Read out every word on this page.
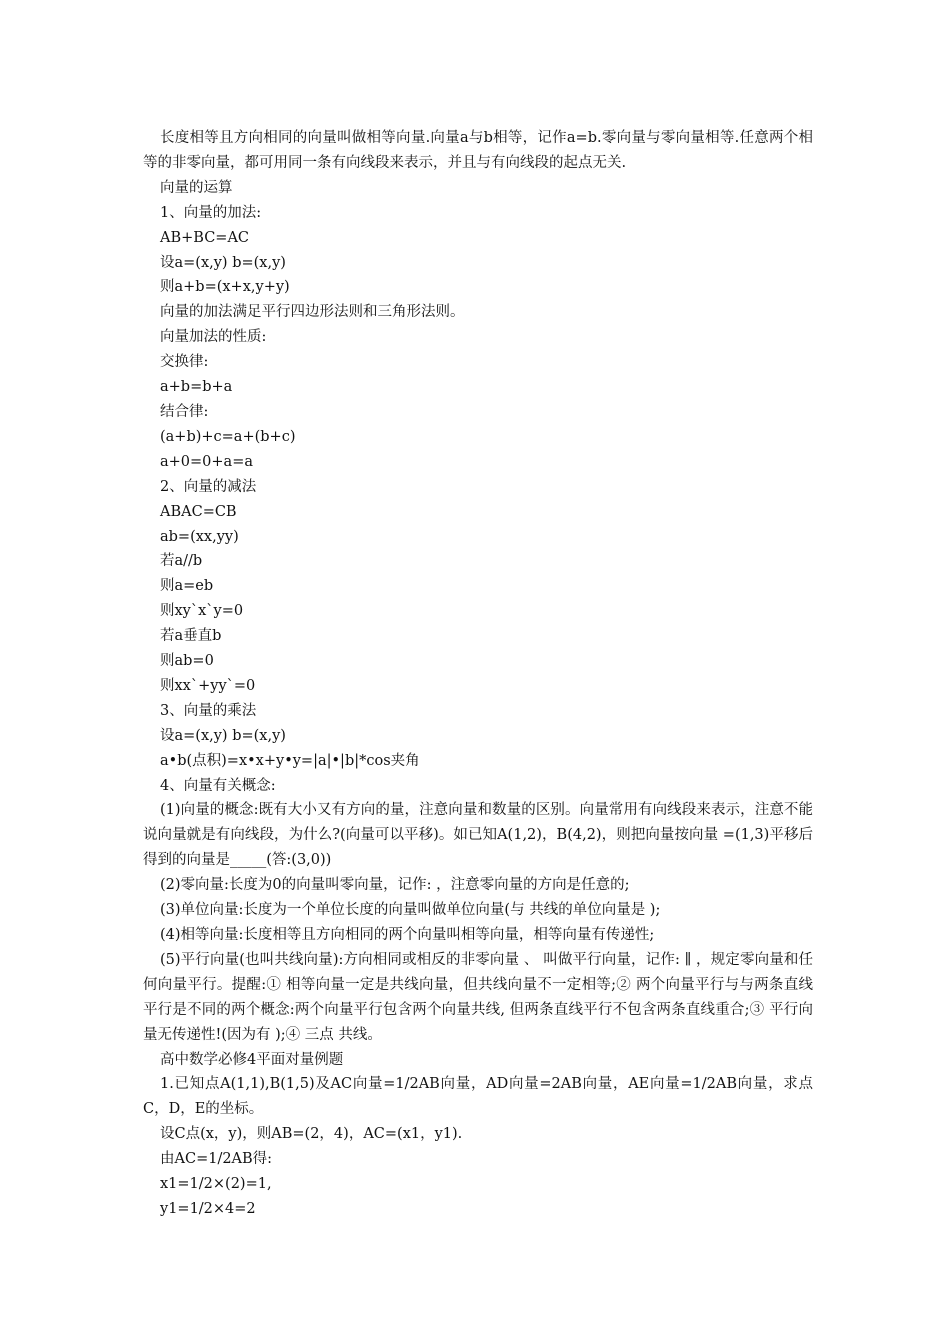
长度相等且方向相同的向量叫做相等向量.向量a与b相等，记作a=b.零向量与零向量相等.任意两个相等的非零向量，都可用同一条有向线段来表示，并且与有向线段的起点无关.
向量的运算
1、向量的加法:
AB+BC=AC
设a=(x,y) b=(x,y)
则a+b=(x+x,y+y)
向量的加法满足平行四边形法则和三角形法则。
向量加法的性质:
交换律:
a+b=b+a
结合律:
(a+b)+c=a+(b+c)
a+0=0+a=a
2、向量的减法
ABAC=CB
ab=(xx,yy)
若a//b
则a=eb
则xy`x`y=0
若a垂直b
则ab=0
则xx`+yy`=0
3、向量的乘法
设a=(x,y) b=(x,y)
a•b(点积)=x•x+y•y=|a|•|b|*cos夹角
4、向量有关概念:
(1)向量的概念:既有大小又有方向的量，注意向量和数量的区别。向量常用有向线段来表示，注意不能说向量就是有向线段，为什么?(向量可以平移)。如已知A(1,2)，B(4,2)，则把向量按向量 =(1,3)平移后得到的向量是_____(答:(3,0))
(2)零向量:长度为0的向量叫零向量，记作: ，注意零向量的方向是任意的;
(3)单位向量:长度为一个单位长度的向量叫做单位向量(与 共线的单位向量是 );
(4)相等向量:长度相等且方向相同的两个向量叫相等向量，相等向量有传递性;
(5)平行向量(也叫共线向量):方向相同或相反的非零向量 、 叫做平行向量，记作: ∥ ，规定零向量和任何向量平行。提醒:① 相等向量一定是共线向量，但共线向量不一定相等;② 两个向量平行与与两条直线平行是不同的两个概念:两个向量平行包含两个向量共线, 但两条直线平行不包含两条直线重合;③ 平行向量无传递性!(因为有 );④ 三点 共线。
高中数学必修4平面对量例题
1.已知点A(1,1),B(1,5)及AC向量=1/2AB向量，AD向量=2AB向量，AE向量=1/2AB向量，求点C，D，E的坐标。
设C点(x，y)，则AB=(2，4)，AC=(x1，y1).
由AC=1/2AB得:
x1=1/2×(2)=1,
y1=1/2×4=2
